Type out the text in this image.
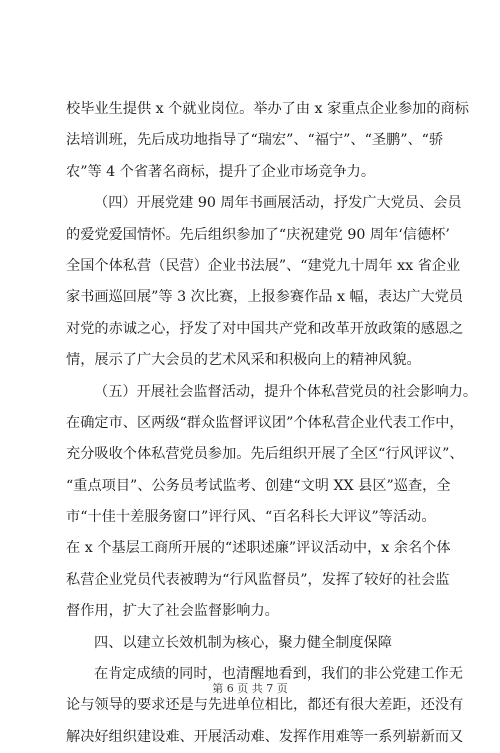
校毕业生提供 x 个就业岗位。举办了由 x 家重点企业参加的商标
法培训班，先后成功地指导了“瑞宏”、“福宁”、“圣鹏”、“骄
农”等 4 个省著名商标，提升了企业市场竞争力。
（四）开展党建 90 周年书画展活动，抒发广大党员、会员
的爱党爱国情怀。先后组织参加了“庆祝建党 90 周年‘信德杯’
全国个体私营（民营）企业书法展”、“建党九十周年 xx 省企业
家书画巡回展”等 3 次比赛，上报参赛作品 x 幅，表达广大党员
对党的赤诚之心，抒发了对中国共产党和改革开放政策的感恩之
情，展示了广大会员的艺术风采和积极向上的精神风貌。
（五）开展社会监督活动，提升个体私营党员的社会影响力。
在确定市、区两级“群众监督评议团”个体私营企业代表工作中，
充分吸收个体私营党员参加。先后组织开展了全区“行风评议”、
“重点项目”、公务员考试监考、创建“文明 XX 县区”巡查，全
市“十佳十差服务窗口”评行风、“百名科长大评议”等活动。
在 x 个基层工商所开展的“述职述廉”评议活动中，x 余名个体
私营企业党员代表被聘为“行风监督员”，发挥了较好的社会监
督作用，扩大了社会监督影响力。
四、以建立长效机制为核心，聚力健全制度保障
在肯定成绩的同时，也清醒地看到，我们的非公党建工作无
论与领导的要求还是与先进单位相比，都还有很大差距，还没有
解决好组织建设难、开展活动难、发挥作用难等一系列崭新而又
第 6 页 共 7 页
